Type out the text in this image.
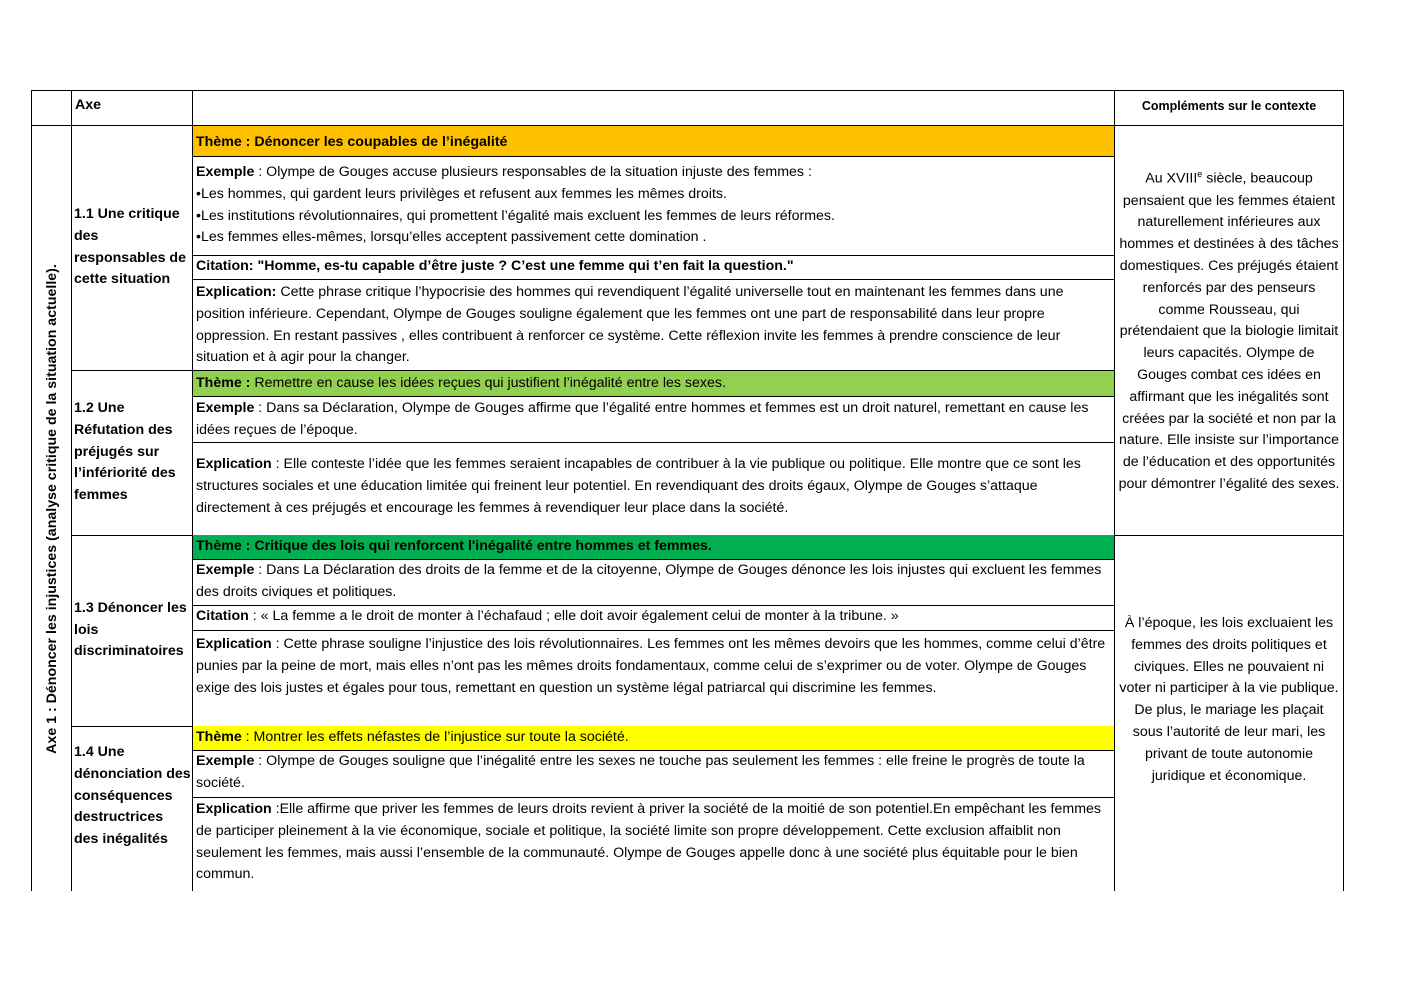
Axe	Compléments sur le contexte
Axe 1 : Dénoncer les injustices (analyse critique de la situation actuelle).
1.1 Une critique des responsables de cette situation
1.2 Une Réfutation des préjugés sur l’infériorité des femmes
1.3 Dénoncer les lois discriminatoires
1.4 Une dénonciation des conséquences destructrices des inégalités
Thème : Dénoncer les coupables de l’inégalité
Exemple : Olympe de Gouges accuse plusieurs responsables de la situation injuste des femmes :
•Les hommes, qui gardent leurs privilèges et refusent aux femmes les mêmes droits.
•Les institutions révolutionnaires, qui promettent l’égalité mais excluent les femmes de leurs réformes.
•Les femmes elles-mêmes, lorsqu’elles acceptent passivement cette domination .
Citation: "Homme, es-tu capable d’être juste ? C’est une femme qui t’en fait la question."
Explication: Cette phrase critique l’hypocrisie des hommes qui revendiquent l’égalité universelle tout en maintenant les femmes dans une position inférieure. Cependant, Olympe de Gouges souligne également que les femmes ont une part de responsabilité dans leur propre oppression. En restant passives , elles contribuent à renforcer ce système. Cette réflexion invite les femmes à prendre conscience de leur situation et à agir pour la changer.
Thème : Remettre en cause les idées reçues qui justifient l’inégalité entre les sexes.
Exemple : Dans sa Déclaration, Olympe de Gouges affirme que l’égalité entre hommes et femmes est un droit naturel, remettant en cause les idées reçues de l’époque.
Explication : Elle conteste l’idée que les femmes seraient incapables de contribuer à la vie publique ou politique. Elle montre que ce sont les structures sociales et une éducation limitée qui freinent leur potentiel. En revendiquant des droits égaux, Olympe de Gouges s’attaque directement à ces préjugés et encourage les femmes à revendiquer leur place dans la société.
Thème : Critique des lois qui renforcent l'inégalité entre hommes et femmes.
Exemple : Dans La Déclaration des droits de la femme et de la citoyenne, Olympe de Gouges dénonce les lois injustes qui excluent les femmes des droits civiques et politiques.
Citation : « La femme a le droit de monter à l’échafaud ; elle doit avoir également celui de monter à la tribune. »
Explication : Cette phrase souligne l’injustice des lois révolutionnaires. Les femmes ont les mêmes devoirs que les hommes, comme celui d’être punies par la peine de mort, mais elles n’ont pas les mêmes droits fondamentaux, comme celui de s’exprimer ou de voter. Olympe de Gouges exige des lois justes et égales pour tous, remettant en question un système légal patriarcal qui discrimine les femmes.
Thème : Montrer les effets néfastes de l’injustice sur toute la société.
Exemple : Olympe de Gouges souligne que l’inégalité entre les sexes ne touche pas seulement les femmes : elle freine le progrès de toute la société.
Explication :Elle affirme que priver les femmes de leurs droits revient à priver la société de la moitié de son potentiel.En empêchant les femmes de participer pleinement à la vie économique, sociale et politique, la société limite son propre développement. Cette exclusion affaiblit non seulement les femmes, mais aussi l’ensemble de la communauté. Olympe de Gouges appelle donc à une société plus équitable pour le bien commun.
Au XVIIIe siècle, beaucoup pensaient que les femmes étaient naturellement inférieures aux hommes et destinées à des tâches domestiques. Ces préjugés étaient renforcés par des penseurs comme Rousseau, qui prétendaient que la biologie limitait leurs capacités. Olympe de Gouges combat ces idées en affirmant que les inégalités sont créées par la société et non par la nature. Elle insiste sur l’importance de l’éducation et des opportunités pour démontrer l’égalité des sexes.
À l’époque, les lois excluaient les femmes des droits politiques et civiques. Elles ne pouvaient ni voter ni participer à la vie publique. De plus, le mariage les plaçait sous l’autorité de leur mari, les privant de toute autonomie juridique et économique.
